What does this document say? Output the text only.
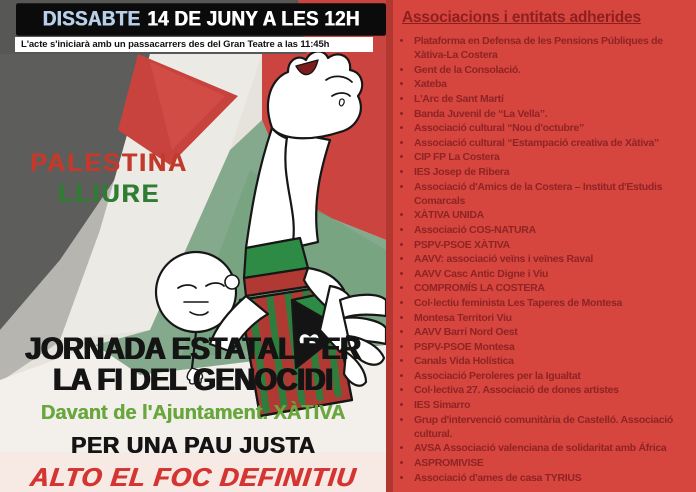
DISSABTE 14 DE JUNY A LES 12H
L'acte s'iniciarà amb un passacarrers des del Gran Teatre a las 11:45h
PALESTINA
LLIURE
JORNADA ESTATAL PER
LA FI DEL GENOCIDI
Davant de l'Ajuntament. XÀTIVA
PER UNA PAU JUSTA
ALTO EL FOC DEFINITIU
Associacions i entitats adherides
• Plataforma en Defensa de les Pensions Públiques de Xàtiva-La Costera
• Gent de la Consolació.
• Xateba
• L'Arc de Sant Martí
• Banda Juvenil de “La Vella”.
• Associació cultural “Nou d'octubre”
• Associació cultural “Estampació creativa de Xàtiva”
• CIP FP La Costera
• IES Josep de Ribera
• Associació d'Amics de la Costera – Institut d'Estudis Comarcals
• XÀTIVA UNIDA
• Associació COS-NATURA
• PSPV-PSOE XÀTIVA
• AAVV: associació veïns i veïnes Raval
• AAVV Casc Antic Digne i Viu
• COMPROMÍS LA COSTERA
• Col·lectiu feminista Les Taperes de Montesa
• Montesa Territori Viu
• AAVV Barri Nord Oest
• PSPV-PSOE Montesa
• Canals Vida Holística
• Associació Peroleres per la Igualtat
• Col·lectiva 27. Associació de dones artistes
• IES Simarro
• Grup d'intervenció comunitària de Castelló. Associació cultural.
• AVSA Associació valenciana de solidaritat amb África
• ASPROMIVISE
• Associació d'ames de casa TYRIUS
